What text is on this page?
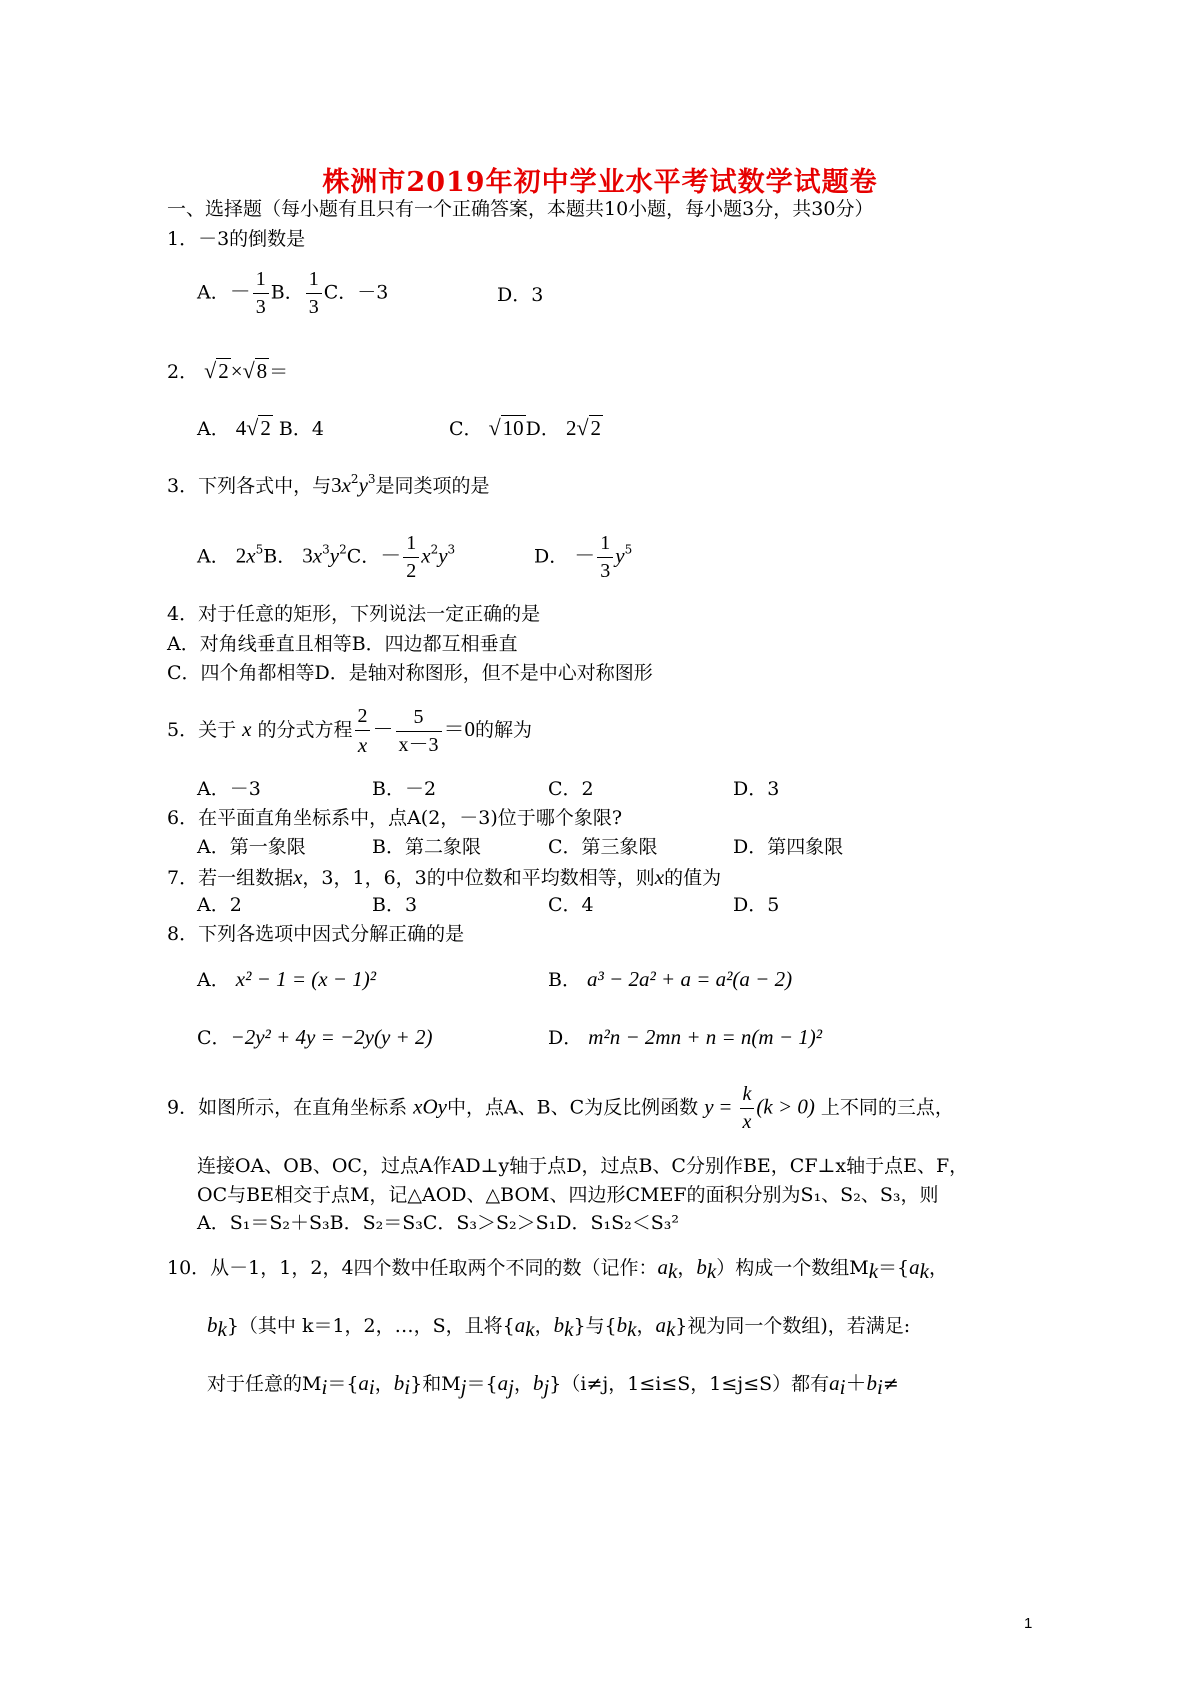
株洲市2019年初中学业水平考试数学试题卷
一、选择题（每小题有且只有一个正确答案，本题共10小题，每小题3分，共30分）
1．－3的倒数是
A．－ $\frac{1}{3}$ B． $\frac{1}{3}$ C．－3	D．3
2． √2×√8 ＝
A． 4√2 B．4	C． √10 D． 2√2
3．下列各式中，与$3x^2y^3$是同类项的是
A． $2x^5B$． $3x^3y^2C$．－ $\frac{1}{2} x^2y^3$	D． － $\frac{1}{3} y^5$
4．对于任意的矩形，下列说法一定正确的是
A．对角线垂直且相等B．四边都互相垂直
C．四个角都相等D．是轴对称图形，但不是中心对称图形
5．关于 x 的分式方程 $\frac{2}{x} - \frac{5}{x-3} =0$的解为
A．－3	B．－2	C．2	D．3
6．在平面直角坐标系中，点A(2，－3)位于哪个象限?
A．第一象限	B．第二象限	C．第三象限	D．第四象限
7．若一组数据x，3，1，6，3的中位数和平均数相等，则x的值为
A．2	B．3	C．4	D．5
8．下列各选项中因式分解正确的是
A． x² − 1 = (x − 1)²	B． a³ − 2a² + a = a²(a − 2)
C．−2y² + 4y = −2y(y + 2)	D． m²n − 2mn + n = n(m − 1)²
9．如图所示，在直角坐标系 xOy中，点A、B、C为反比例函数 $y = \frac{k}{x} (k > 0)$ 上不同的三点，
连接OA、OB、OC，过点A作AD⊥y轴于点D，过点B、C分别作BE，CF⊥x轴于点E、F，
OC与BE相交于点M，记△AOD、△BOM、四边形CMEF的面积分别为S₁、S₂、S₃，则
A．S₁＝S₂＋S₃B．S₂＝S₃C．S₃＞S₂＞S₁D．S₁S₂＜S₃²
10．从－1，1，2，4四个数中任取两个不同的数（记作：$a_k$，$b_k$）构成一个数组$M_k=\{a_k$，
$b_k$}（其中 k＝1，2，…，S，且将{$a_k$，$b_k$}与{$b_k$，$a_k$}视为同一个数组)，若满足:
对于任意的$M_i=\{a_i$，$b_i$}和$M_j=\{a_j$，$b_j\}(i\ne j$，1≤i≤S，1≤j≤S）都有$a_i+b_i\ne$
1
